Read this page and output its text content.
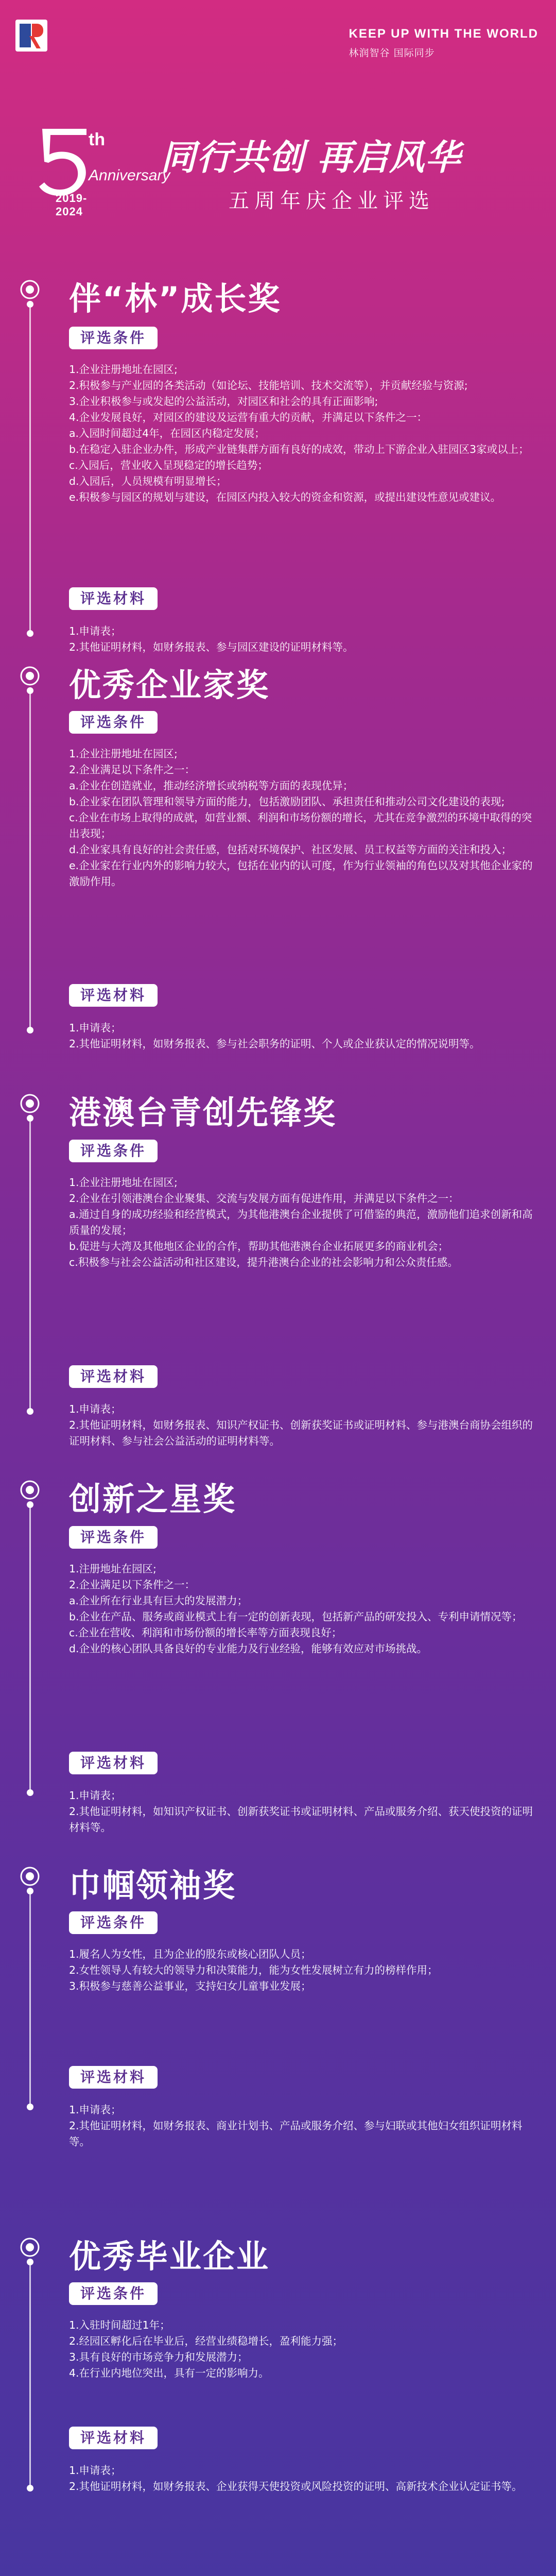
KEEP UP WITH THE WORLD
林润智谷 国际同步
th
Anniversary
2019-2024
同行共创 再启风华
五周年庆企业评选
伴“林”成长奖
评选条件
1.企业注册地址在园区;
2.积极参与产业园的各类活动（如论坛、技能培训、技术交流等），并贡献经验与资源;
3.企业积极参与或发起的公益活动，对园区和社会的具有正面影响;
4.企业发展良好，对园区的建设及运营有重大的贡献，并满足以下条件之一：
a.入园时间超过4年，在园区内稳定发展；
b.在稳定入驻企业办件，形成产业链集群方面有良好的成效，带动上下游企业入驻园区3家或以上；
c.入园后，营业收入呈现稳定的增长趋势；
d.入园后，人员规模有明显增长；
e.积极参与园区的规划与建设，在园区内投入较大的资金和资源，或提出建设性意见或建议。
评选材料
1.申请表；
2.其他证明材料，如财务报表、参与园区建设的证明材料等。
优秀企业家奖
评选条件
1.企业注册地址在园区;
2.企业满足以下条件之一：
a.企业在创造就业，推动经济增长或纳税等方面的表现优异；
b.企业家在团队管理和领导方面的能力，包括激励团队、承担责任和推动公司文化建设的表现;
c.企业在市场上取得的成就，如营业额、利润和市场份额的增长，尤其在竞争激烈的环境中取得的突出表现；
d.企业家具有良好的社会责任感，包括对环境保护、社区发展、员工权益等方面的关注和投入；
e.企业家在行业内外的影响力较大，包括在业内的认可度，作为行业领袖的角色以及对其他企业家的激励作用。
评选材料
1.申请表；
2.其他证明材料，如财务报表、参与社会职务的证明、个人或企业获认定的情况说明等。
港澳台青创先锋奖
评选条件
1.企业注册地址在园区;
2.企业在引领港澳台企业聚集、交流与发展方面有促进作用，并满足以下条件之一：
a.通过自身的成功经验和经营模式，为其他港澳台企业提供了可借鉴的典范，激励他们追求创新和高质量的发展；
b.促进与大湾及其他地区企业的合作，帮助其他港澳台企业拓展更多的商业机会；
c.积极参与社会公益活动和社区建设，提升港澳台企业的社会影响力和公众责任感。
评选材料
1.申请表；
2.其他证明材料，如财务报表、知识产权证书、创新获奖证书或证明材料、参与港澳台商协会组织的证明材料、参与社会公益活动的证明材料等。
创新之星奖
评选条件
1.注册地址在园区;
2.企业满足以下条件之一：
a.企业所在行业具有巨大的发展潜力；
b.企业在产品、服务或商业模式上有一定的创新表现，包括新产品的研发投入、专利申请情况等；
c.企业在营收、利润和市场份额的增长率等方面表现良好；
d.企业的核心团队具备良好的专业能力及行业经验，能够有效应对市场挑战。
评选材料
1.申请表；
2.其他证明材料，如知识产权证书、创新获奖证书或证明材料、产品或服务介绍、获天使投资的证明材料等。
巾帼领袖奖
评选条件
1.履名人为女性，且为企业的股东或核心团队人员；
2.女性领导人有较大的领导力和决策能力，能为女性发展树立有力的榜样作用；
3.积极参与慈善公益事业，支持妇女儿童事业发展；
评选材料
1.申请表；
2.其他证明材料，如财务报表、商业计划书、产品或服务介绍、参与妇联或其他妇女组织证明材料等。
优秀毕业企业
评选条件
1.入驻时间超过1年；
2.经园区孵化后在毕业后，经营业绩稳增长，盈利能力强；
3.具有良好的市场竞争力和发展潜力；
4.在行业内地位突出，具有一定的影响力。
评选材料
1.申请表；
2.其他证明材料，如财务报表、企业获得天使投资或风险投资的证明、高新技术企业认定证书等。
